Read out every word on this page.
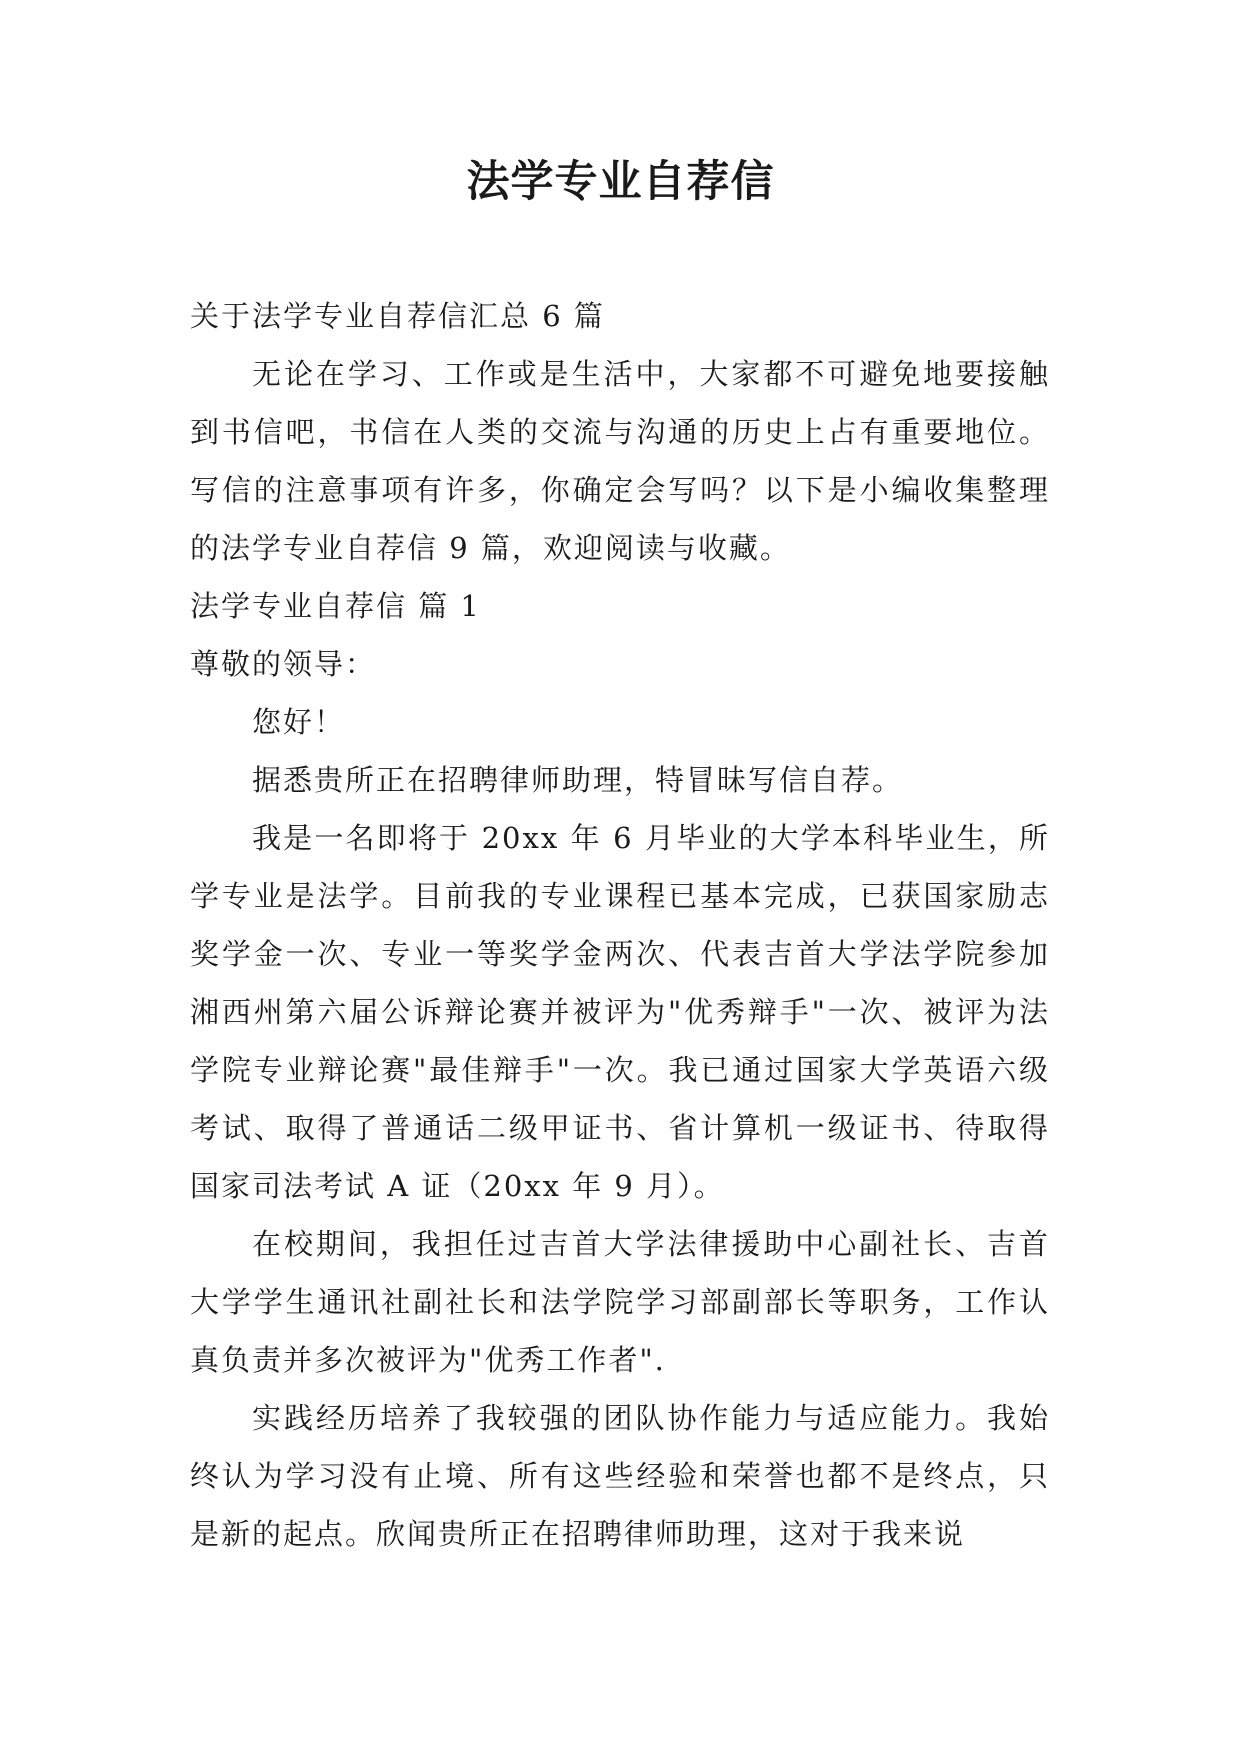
法学专业自荐信

关于法学专业自荐信汇总 6 篇

无论在学习、工作或是生活中，大家都不可避免地要接触到书信吧，书信在人类的交流与沟通的历史上占有重要地位。写信的注意事项有许多，你确定会写吗？以下是小编收集整理的法学专业自荐信 9 篇，欢迎阅读与收藏。

法学专业自荐信 篇 1

尊敬的领导：

您好！

据悉贵所正在招聘律师助理，特冒昧写信自荐。

我是一名即将于 20xx 年 6 月毕业的大学本科毕业生，所学专业是法学。目前我的专业课程已基本完成，已获国家励志奖学金一次、专业一等奖学金两次、代表吉首大学法学院参加湘西州第六届公诉辩论赛并被评为"优秀辩手"一次、被评为法学院专业辩论赛"最佳辩手"一次。我已通过国家大学英语六级考试、取得了普通话二级甲证书、省计算机一级证书、待取得国家司法考试 A 证（20xx 年 9 月）。

在校期间，我担任过吉首大学法律援助中心副社长、吉首大学学生通讯社副社长和法学院学习部副部长等职务，工作认真负责并多次被评为"优秀工作者".

实践经历培养了我较强的团队协作能力与适应能力。我始终认为学习没有止境、所有这些经验和荣誉也都不是终点，只是新的起点。欣闻贵所正在招聘律师助理，这对于我来说
